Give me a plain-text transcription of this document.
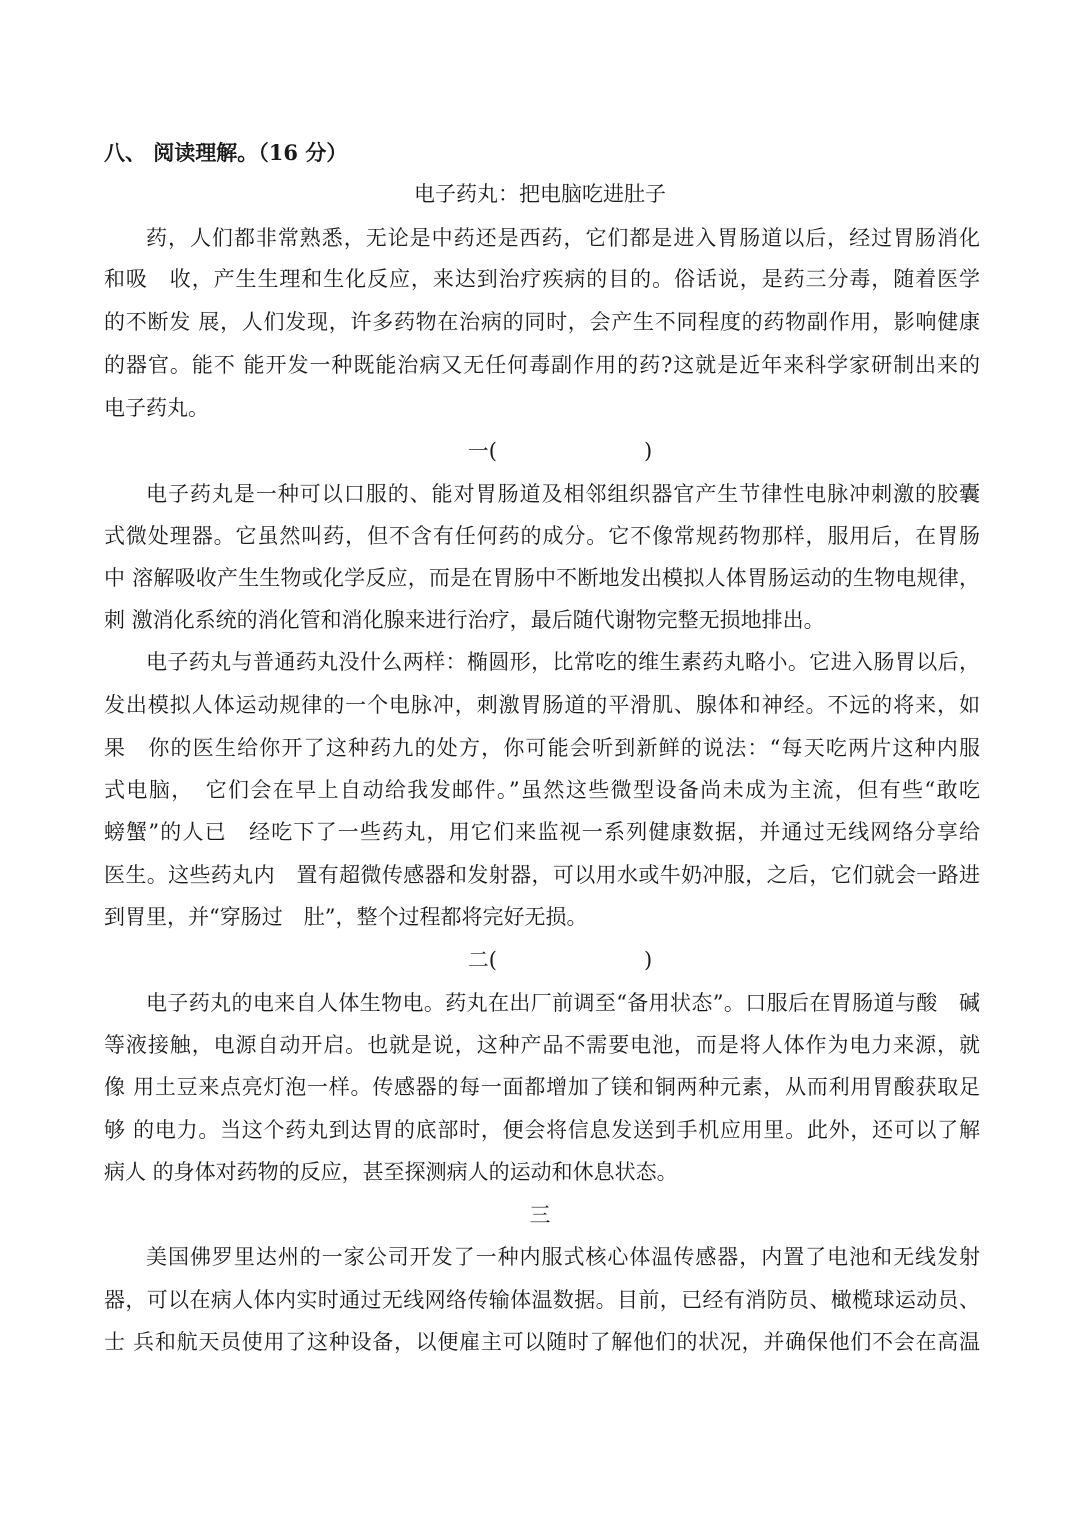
八、 阅读理解。（16 分）
电子药丸：把电脑吃进肚子
药，人们都非常熟悉，无论是中药还是西药，它们都是进入胃肠道以后，经过胃肠消化
和吸　收，产生生理和生化反应，来达到治疗疾病的目的。俗话说，是药三分毒，随着医学
的不断发 展，人们发现，许多药物在治病的同时，会产生不同程度的药物副作用，影响健康
的器官。能不 能开发一种既能治病又无任何毒副作用的药?这就是近年来科学家研制出来的
电子药丸。
一(　　　　　　　)
电子药丸是一种可以口服的、能对胃肠道及相邻组织器官产生节律性电脉冲刺激的胶囊
式微处理器。它虽然叫药，但不含有任何药的成分。它不像常规药物那样，服用后，在胃肠
中 溶解吸收产生生物或化学反应，而是在胃肠中不断地发出模拟人体胃肠运动的生物电规律，
刺 激消化系统的消化管和消化腺来进行治疗，最后随代谢物完整无损地排出。
电子药丸与普通药丸没什么两样：椭圆形，比常吃的维生素药丸略小。它进入肠胃以后，
发出模拟人体运动规律的一个电脉冲，刺激胃肠道的平滑肌、腺体和神经。不远的将来，如
果　你的医生给你开了这种药九的处方，你可能会听到新鲜的说法：“每天吃两片这种内服
式电脑，　它们会在早上自动给我发邮件。”虽然这些微型设备尚未成为主流，但有些“敢吃
螃蟹”的人已　经吃下了一些药丸，用它们来监视一系列健康数据，并通过无线网络分享给
医生。这些药丸内　置有超微传感器和发射器，可以用水或牛奶冲服，之后，它们就会一路进
到胃里，并“穿肠过　肚”，整个过程都将完好无损。
二(　　　　　　　)
电子药丸的电来自人体生物电。药丸在出厂前调至“备用状态”。口服后在胃肠道与酸　碱
等液接触，电源自动开启。也就是说，这种产品不需要电池，而是将人体作为电力来源，就
像 用土豆来点亮灯泡一样。传感器的每一面都增加了镁和铜两种元素，从而利用胃酸获取足
够 的电力。当这个药丸到达胃的底部时，便会将信息发送到手机应用里。此外，还可以了解
病人 的身体对药物的反应，甚至探测病人的运动和休息状态。
三
美国佛罗里达州的一家公司开发了一种内服式核心体温传感器，内置了电池和无线发射
器，可以在病人体内实时通过无线网络传输体温数据。目前，已经有消防员、橄榄球运动员、
士 兵和航天员使用了这种设备，以便雇主可以随时了解他们的状况，并确保他们不会在高温
